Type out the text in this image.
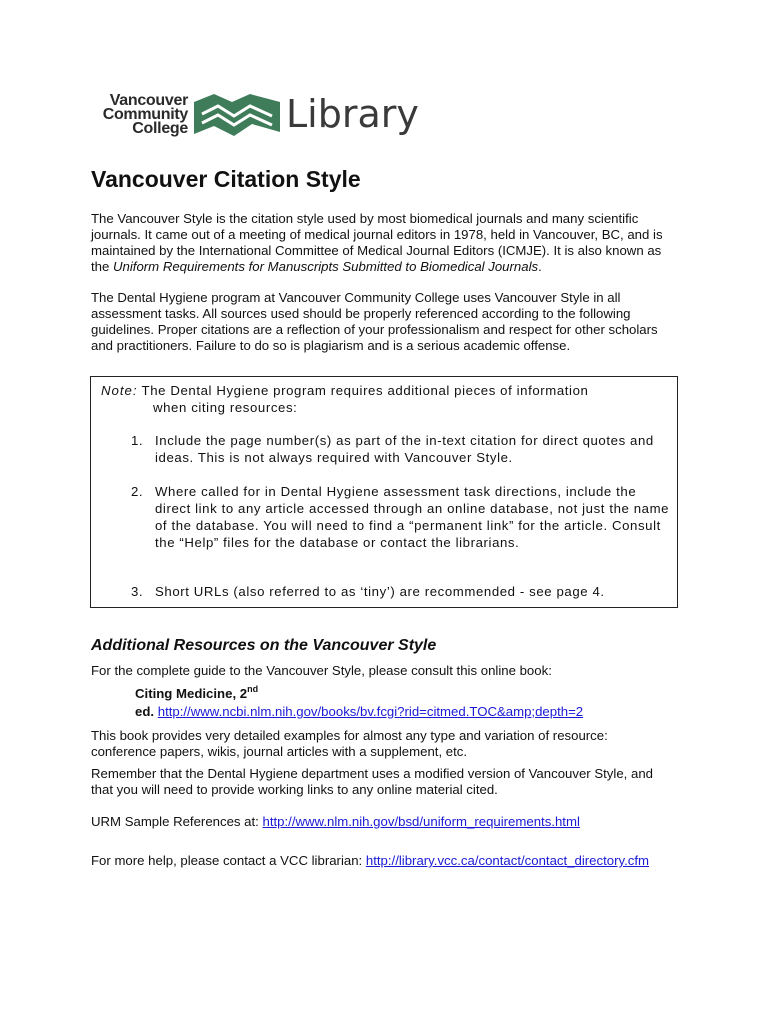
Vancouver
Community
College	Library
Vancouver Citation Style

The Vancouver Style is the citation style used by most biomedical journals and many scientific journals. It came out of a meeting of medical journal editors in 1978, held in Vancouver, BC, and is maintained by the International Committee of Medical Journal Editors (ICMJE). It is also known as the Uniform Requirements for Manuscripts Submitted to Biomedical Journals.

The Dental Hygiene program at Vancouver Community College uses Vancouver Style in all assessment tasks. All sources used should be properly referenced according to the following guidelines. Proper citations are a reflection of your professionalism and respect for other scholars and practitioners. Failure to do so is plagiarism and is a serious academic offense.

Note: The Dental Hygiene program requires additional pieces of information

when citing resources:

1. Include the page number(s) as part of the in-text citation for direct quotes and ideas. This is not always required with Vancouver Style.
2. Where called for in Dental Hygiene assessment task directions, include the direct link to any article accessed through an online database, not just the name of the database. You will need to find a “permanent link” for the article. Consult the “Help” files for the database or contact the librarians.
3. Short URLs (also referred to as ‘tiny’) are recommended - see page 4.
Additional Resources on the Vancouver Style

For the complete guide to the Vancouver Style, please consult this online book:

Citing Medicine, 2nd
ed. http://www.ncbi.nlm.nih.gov/books/bv.fcgi?rid=citmed.TOC&amp;depth=2

This book provides very detailed examples for almost any type and variation of resource: conference papers, wikis, journal articles with a supplement, etc.

Remember that the Dental Hygiene department uses a modified version of Vancouver Style, and that you will need to provide working links to any online material cited.

URM Sample References at: http://www.nlm.nih.gov/bsd/uniform_requirements.html

For more help, please contact a VCC librarian: http://library.vcc.ca/contact/contact_directory.cfm
